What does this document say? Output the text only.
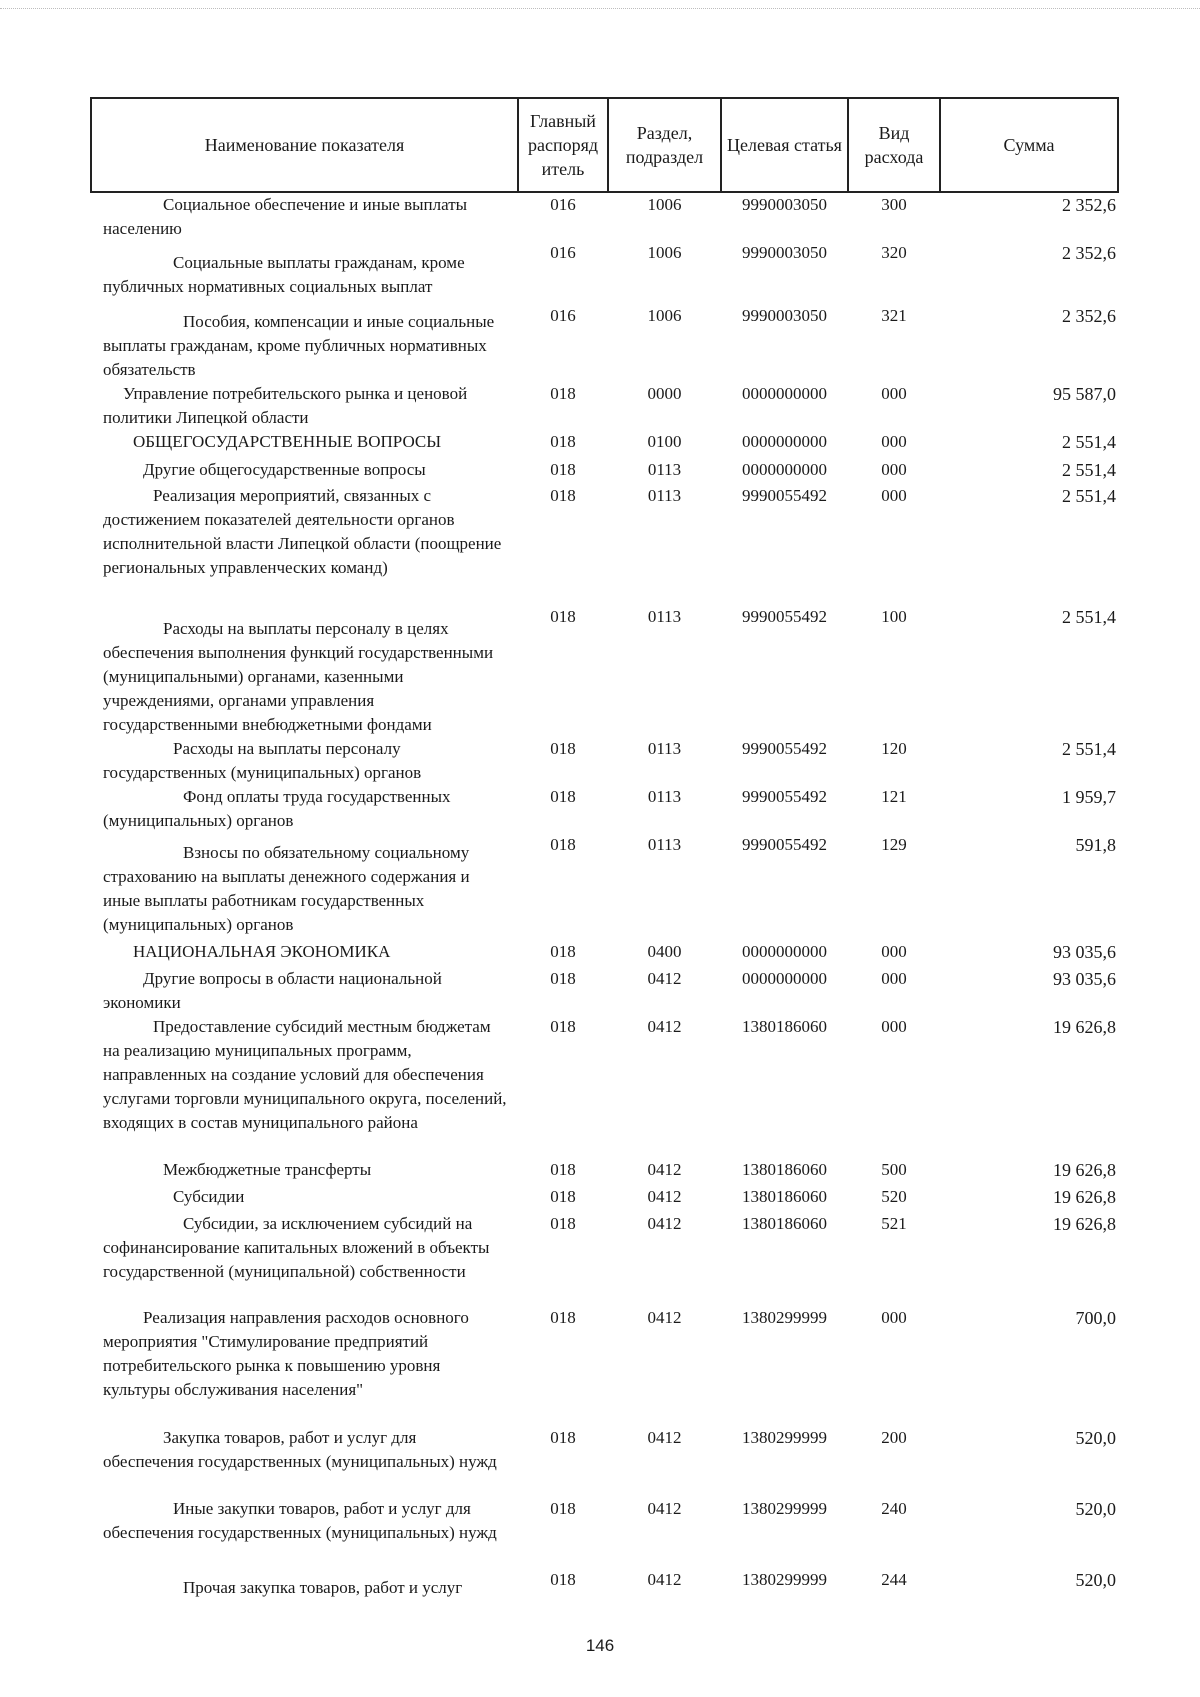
Наименование показателя	Главный распоряд итель	Раздел, подраздел	Целевая статья	Вид расхода	Сумма

Социальное обеспечение и иные выплаты населению	016	1006	9990003050	300	2 352,6

Социальные выплаты гражданам, кроме публичных нормативных социальных выплат	016	1006	9990003050	320	2 352,6

Пособия, компенсации и иные социальные выплаты гражданам, кроме публичных нормативных обязательств	016	1006	9990003050	321	2 352,6

Управление потребительского рынка и ценовой политики Липецкой области	018	0000	0000000000	000	95 587,0

ОБЩЕГОСУДАРСТВЕННЫЕ ВОПРОСЫ	018	0100	0000000000	000	2 551,4

Другие общегосударственные вопросы	018	0113	0000000000	000	2 551,4

Реализация мероприятий, связанных с достижением показателей деятельности органов исполнительной власти Липецкой области (поощрение региональных управленческих команд)	018	0113	9990055492	000	2 551,4

Расходы на выплаты персоналу в целях обеспечения выполнения функций государственными (муниципальными) органами, казенными учреждениями, органами управления государственными внебюджетными фондами	018	0113	9990055492	100	2 551,4

Расходы на выплаты персоналу государственных (муниципальных) органов	018	0113	9990055492	120	2 551,4

Фонд оплаты труда государственных (муниципальных) органов	018	0113	9990055492	121	1 959,7

Взносы по обязательному социальному страхованию на выплаты денежного содержания и иные выплаты работникам государственных (муниципальных) органов	018	0113	9990055492	129	591,8

НАЦИОНАЛЬНАЯ ЭКОНОМИКА	018	0400	0000000000	000	93 035,6

Другие вопросы в области национальной экономики	018	0412	0000000000	000	93 035,6

Предоставление субсидий местным бюджетам на реализацию муниципальных программ, направленных на создание условий для обеспечения услугами торговли муниципального округа, поселений, входящих в состав муниципального района	018	0412	1380186060	000	19 626,8

Межбюджетные трансферты	018	0412	1380186060	500	19 626,8

Субсидии	018	0412	1380186060	520	19 626,8

Субсидии, за исключением субсидий на софинансирование капитальных вложений в объекты государственной (муниципальной) собственности	018	0412	1380186060	521	19 626,8

Реализация направления расходов основного мероприятия "Стимулирование предприятий потребительского рынка к повышению уровня культуры обслуживания населения"	018	0412	1380299999	000	700,0

Закупка товаров, работ и услуг для обеспечения государственных (муниципальных) нужд	018	0412	1380299999	200	520,0

Иные закупки товаров, работ и услуг для обеспечения государственных (муниципальных) нужд	018	0412	1380299999	240	520,0

Прочая закупка товаров, работ и услуг	018	0412	1380299999	244	520,0
146
